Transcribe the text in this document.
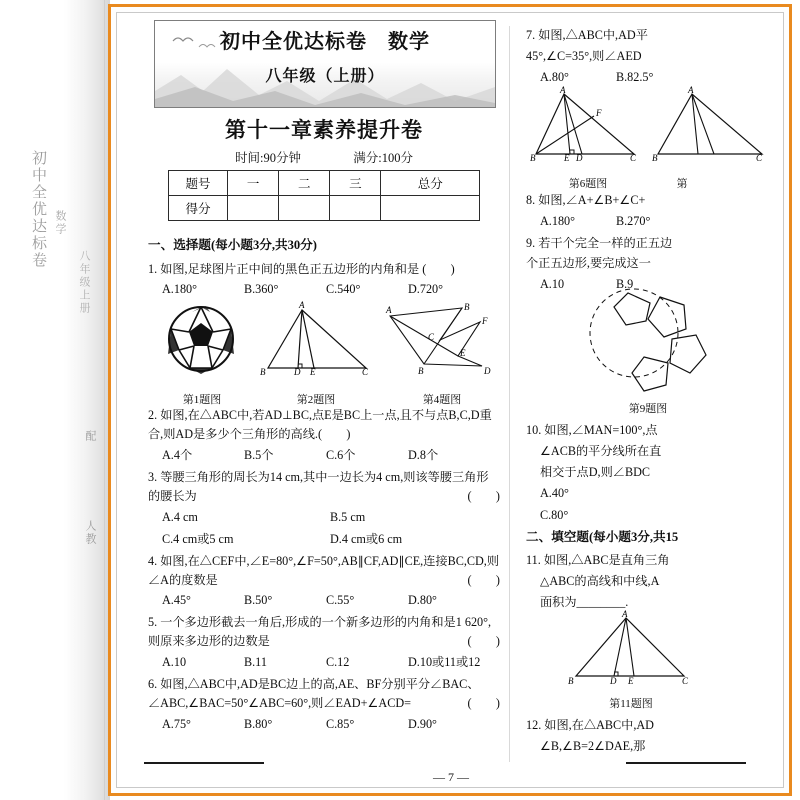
初中全优达标卷 数学
八年级上册
配
人教
初中全优达标卷　数学
八年级（上册）
第十一章素养提升卷
时间:90分钟	满分:100分
题号	一	二	三	总分
得分				
一、选择题(每小题3分,共30分)
1. 如图,足球图片正中间的黑色正五边形的内角和是 (　　)
A.180°	B.360°	C.540°	D.720°
A
B	D E	C
A	B
F
C
E
B	D
第1题图	第2题图	第4题图
2. 如图,在△ABC中,若AD⊥BC,点E是BC上一点,且不与点B,C,D重合,则AD是多少个三角形的高线.(　　)
A.4个	B.5个	C.6个	D.8个
3. 等腰三角形的周长为14 cm,其中一边长为4 cm,则该等腰三角形的腰长为	(　　)
A.4 cm	B.5 cm
C.4 cm或5 cm	D.4 cm或6 cm
4. 如图,在△CEF中,∠E=80°,∠F=50°,AB∥CF,AD∥CE,连接BC,CD,则∠A的度数是	(　　)
A.45°	B.50°	C.55°	D.80°
5. 一个多边形截去一角后,形成的一个新多边形的内角和是1 620°,则原来多边形的边数是	(　　)
A.10	B.11	C.12	D.10或11或12
6. 如图,△ABC中,AD是BC边上的高,AE、BF分别平分∠BAC、∠ABC,∠BAC=50°∠ABC=60°,则∠EAD+∠ACD=	(　　)
A.75°	B.80°	C.85°	D.90°
7. 如图,△ABC中,AD平
45°,∠C=35°,则∠AED
A.80°	B.82.5°
A
F
B	E D	C
A
B	C
第6题图	第
8. 如图,∠A+∠B+∠C+
A.180°	B.270°
9. 若干个完全一样的正五边
个正五边形,要完成这一
A.10	B.9
第9题图
10. 如图,∠MAN=100°,点
∠ACB的平分线所在直
相交于点D,则∠BDC
A.40°
C.80°
二、填空题(每小题3分,共15
11. 如图,△ABC是直角三角
△ABC的高线和中线,A
面积为________.
A
B	D E	C
第11题图
12. 如图,在△ABC中,AD
∠B,∠B=2∠DAE,那
— 7 —
